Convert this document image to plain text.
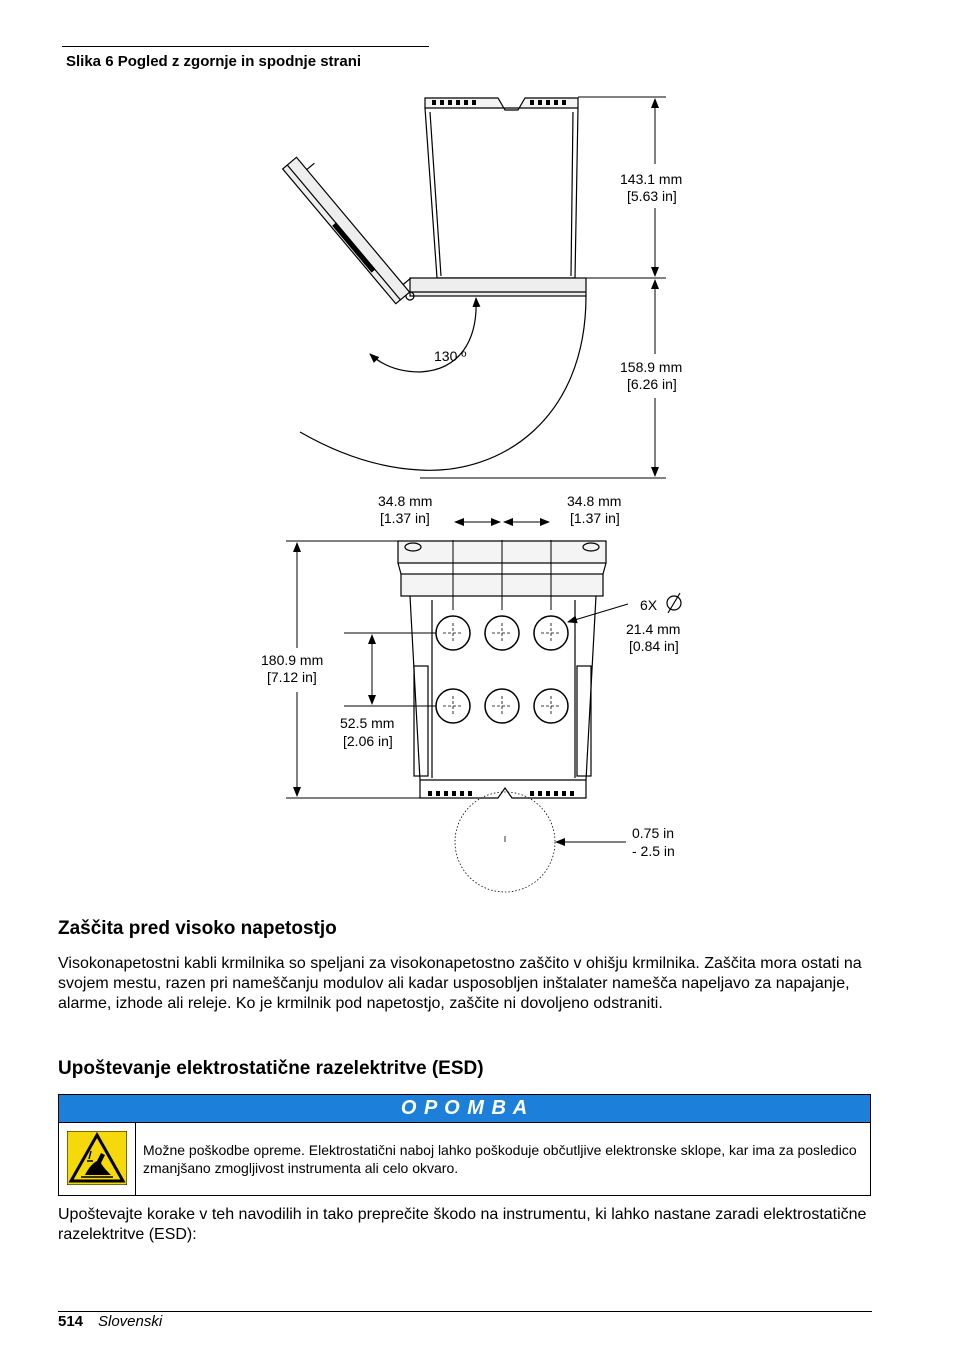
Slika 6 Pogled z zgornje in spodnje strani
130 º
143.1 mm
[5.63 in]
158.9 mm
[6.26 in]
34.8 mm
[1.37 in]
34.8 mm
[1.37 in]
180.9 mm
[7.12 in]
52.5 mm
[2.06 in]
6X
21.4 mm
[0.84 in]
0.75 in
- 2.5 in
Zaščita pred visoko napetostjo

Visokonapetostni kabli krmilnika so speljani za visokonapetostno zaščito v ohišju krmilnika. Zaščita mora ostati na svojem mestu, razen pri nameščanju modulov ali kadar usposobljen inštalater namešča napeljavo za napajanje, alarme, izhode ali releje. Ko je krmilnik pod napetostjo, zaščite ni dovoljeno odstraniti.

Upoštevanje elektrostatične razelektritve (ESD)
O P O M B A

Možne poškodbe opreme. Elektrostatični naboj lahko poškoduje občutljive elektronske sklope, kar ima za posledico zmanjšano zmogljivost instrumenta ali celo okvaro.

Upoštevajte korake v teh navodilih in tako preprečite škodo na instrumentu, ki lahko nastane zaradi elektrostatične razelektritve (ESD):

514 Slovenski
